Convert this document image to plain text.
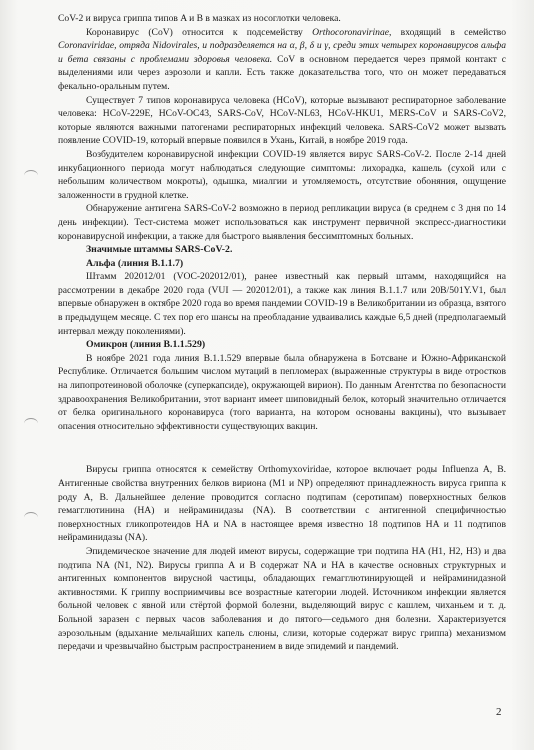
CoV-2 и вируса гриппа типов A и B в мазках из носоглотки человека.

Коронавирус (CoV) относится к подсемейству Orthocoronavirinae, входящий в семейство Coronaviridae, отряда Nidovirales, и подразделяется на α, β, δ и γ, среди этих четырех коронавирусов альфа и бета связаны с проблемами здоровья человека. CoV в основном передается через прямой контакт с выделениями или через аэрозоли и капли. Есть также доказательства того, что он может передаваться фекально-оральным путем.

Существует 7 типов коронавируса человека (HCoV), которые вызывают респираторное заболевание человека: HCoV-229E, HCoV-OC43, SARS-CoV, HCoV-NL63, HCoV-HKU1, MERS-CoV и SARS-CoV2, которые являются важными патогенами респираторных инфекций человека. SARS-CoV2 может вызвать появление COVID-19, который впервые появился в Ухань, Китай, в ноябре 2019 года.

Возбудителем коронавирусной инфекции COVID-19 является вирус SARS-CoV-2. После 2-14 дней инкубационного периода могут наблюдаться следующие симптомы: лихорадка, кашель (сухой или с небольшим количеством мокроты), одышка, миалгии и утомляемость, отсутствие обоняния, ощущение заложенности в грудной клетке.

Обнаружение антигена SARS-CoV-2 возможно в период репликации вируса (в среднем с 3 дня по 14 день инфекции). Тест-система может использоваться как инструмент первичной экспресс-диагностики коронавирусной инфекции, а также для быстрого выявления бессимптомных больных.

Значимые штаммы SARS-CoV-2.
Альфа (линия B.1.1.7)

Штамм 202012/01 (VOC-202012/01), ранее известный как первый штамм, находящийся на рассмотрении в декабре 2020 года (VUI — 202012/01), а также как линия B.1.1.7 или 20B/501Y.V1, был впервые обнаружен в октябре 2020 года во время пандемии COVID-19 в Великобритании из образца, взятого в предыдущем месяце. С тех пор его шансы на преобладание удваивались каждые 6,5 дней (предполагаемый интервал между поколениями).

Омикрон (линия B.1.1.529)

В ноябре 2021 года линия B.1.1.529 впервые была обнаружена в Ботсване и Южно-Африканской Республике. Отличается большим числом мутаций в пепломерах (выраженные структуры в виде отростков на липопротеиновой оболочке (суперкапсиде), окружающей вирион). По данным Агентства по безопасности здравоохранения Великобритании, этот вариант имеет шиповидный белок, который значительно отличается от белка оригинального коронавируса (того варианта, на котором основаны вакцины), что вызывает опасения относительно эффективности существующих вакцин.

Вирусы гриппа относятся к семейству Orthomyxoviridae, которое включает роды Influenza A, B. Антигенные свойства внутренних белков вириона (M1 и NP) определяют принадлежность вируса гриппа к роду A, B. Дальнейшее деление проводится согласно подтипам (серотипам) поверхностных белков гемагглютинина (HA) и нейраминидазы (NA). В соответствии с антигенной специфичностью поверхностных гликопротеидов HA и NA в настоящее время известно 18 подтипов HA и 11 подтипов нейраминидазы (NA).

Эпидемическое значение для людей имеют вирусы, содержащие три подтипа HA (H1, H2, H3) и два подтипа NA (N1, N2). Вирусы гриппа A и B содержат NA и HA в качестве основных структурных и антигенных компонентов вирусной частицы, обладающих гемагглютинирующей и нейраминидазной активностями. К гриппу восприимчивы все возрастные категории людей. Источником инфекции является больной человек с явной или стёртой формой болезни, выделяющий вирус с кашлем, чиханьем и т. д. Больной заразен с первых часов заболевания и до пятого—седьмого дня болезни. Характеризуется аэрозольным (вдыхание мельчайших капель слюны, слизи, которые содержат вирус гриппа) механизмом передачи и чрезвычайно быстрым распространением в виде эпидемий и пандемий.

2
